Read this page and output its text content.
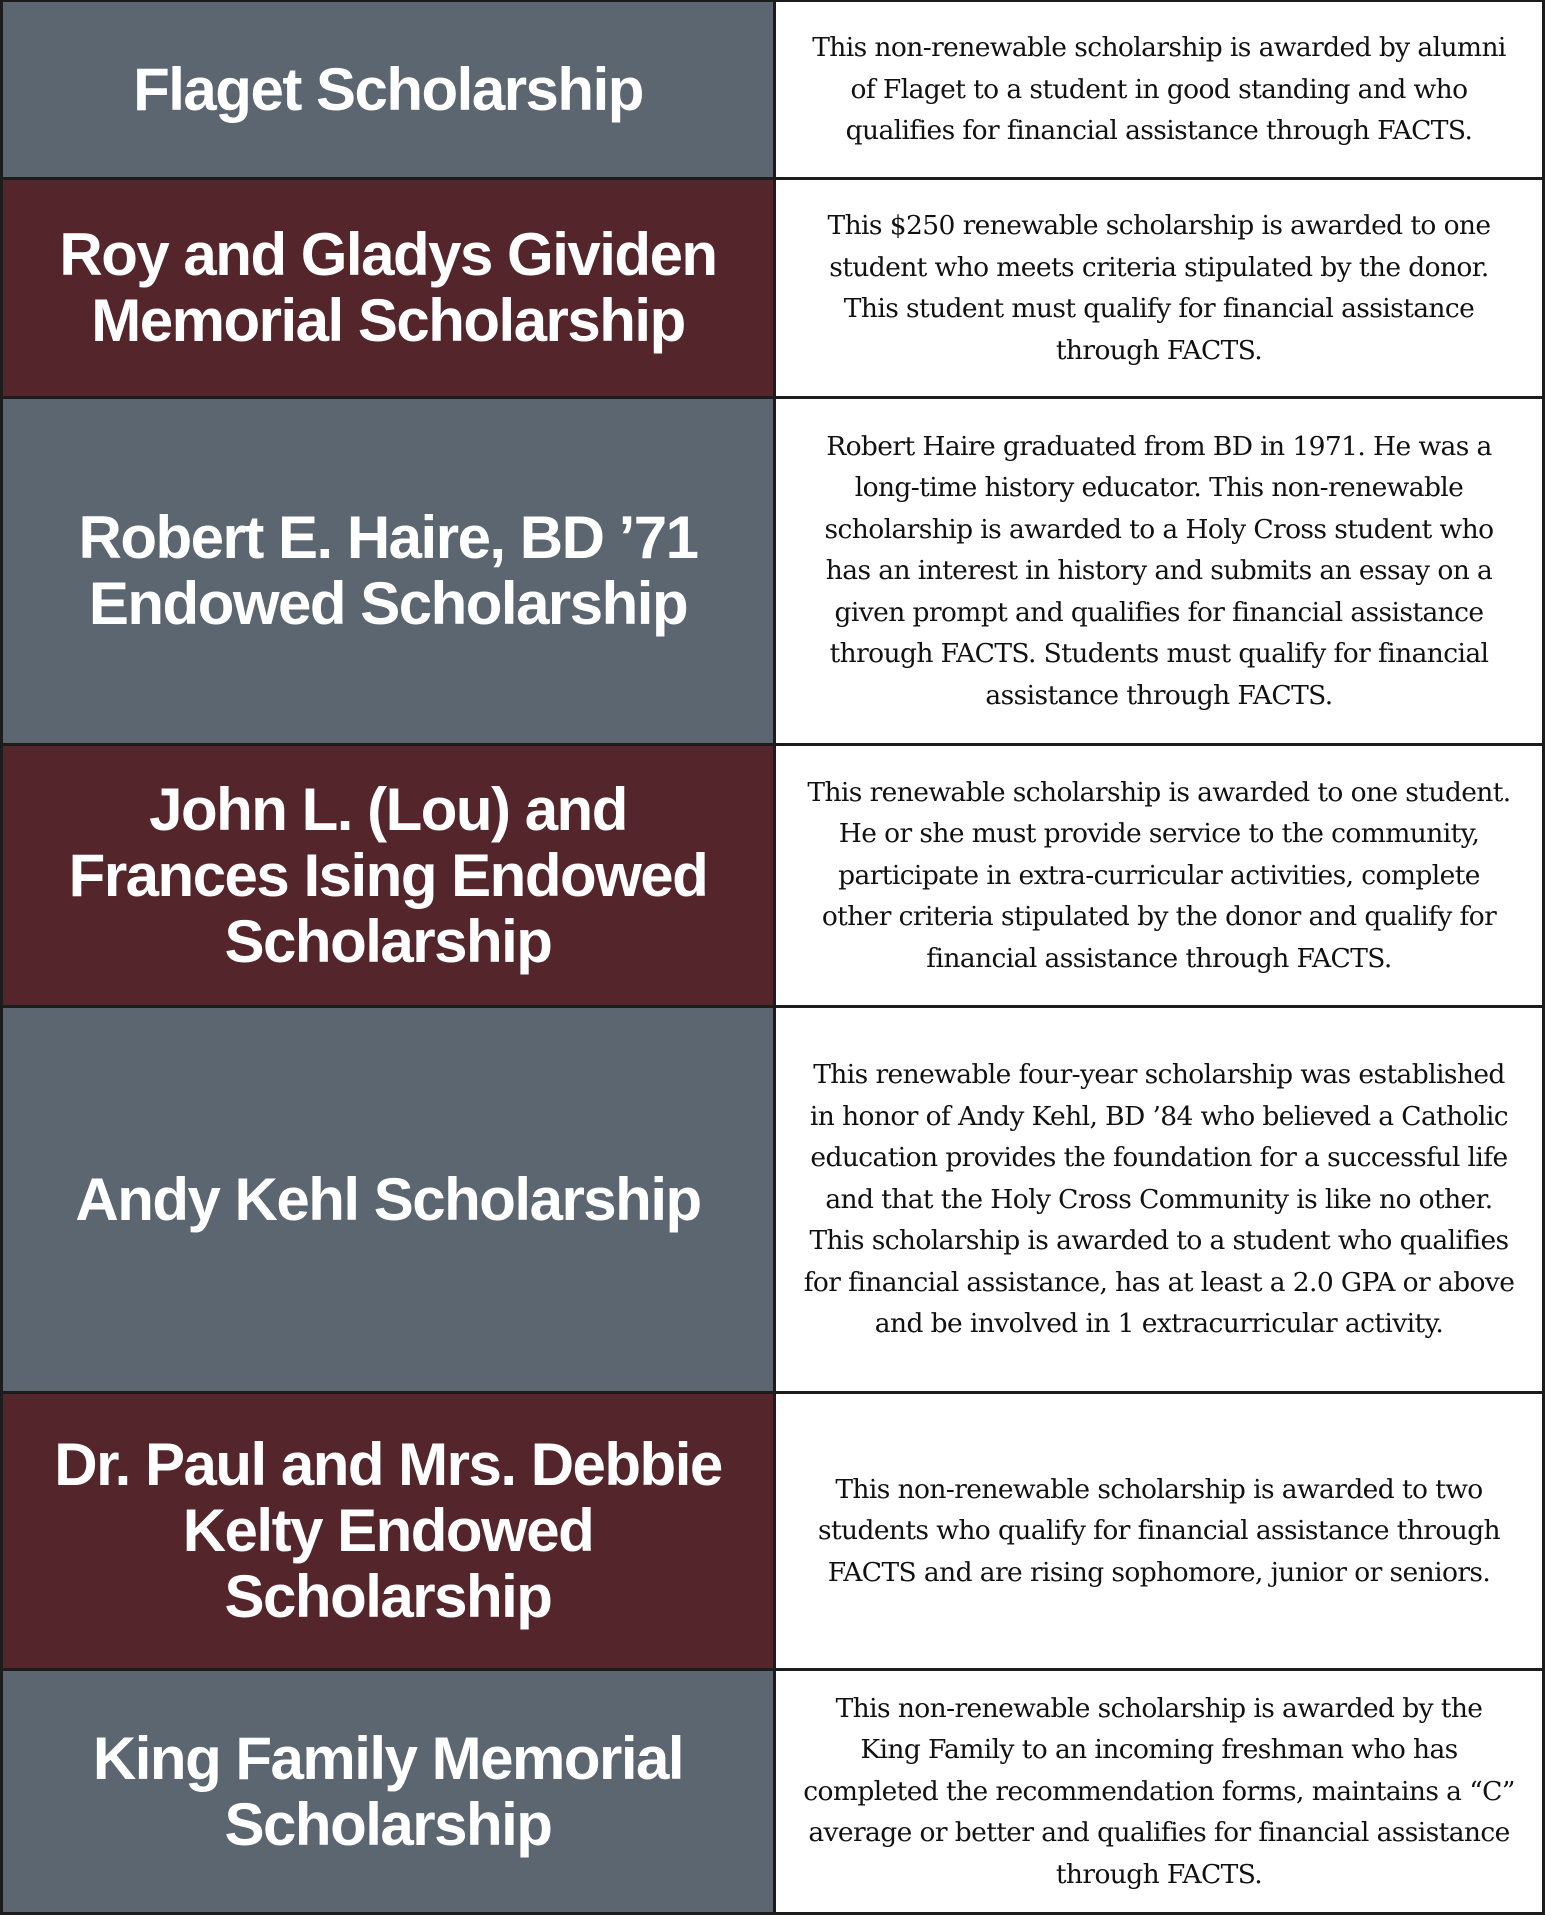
Flaget Scholarship
This non-renewable scholarship is awarded by alumni of Flaget to a student in good standing and who qualifies for financial assistance through FACTS.
Roy and Gladys Gividen Memorial Scholarship
This $250 renewable scholarship is awarded to one student who meets criteria stipulated by the donor. This student must qualify for financial assistance through FACTS.
Robert E. Haire, BD ’71 Endowed Scholarship
Robert Haire graduated from BD in 1971. He was a long-time history educator. This non-renewable scholarship is awarded to a Holy Cross student who has an interest in history and submits an essay on a given prompt and qualifies for financial assistance through FACTS. Students must qualify for financial assistance through FACTS.
John L. (Lou) and Frances Ising Endowed Scholarship
This renewable scholarship is awarded to one student. He or she must provide service to the community, participate in extra-curricular activities, complete other criteria stipulated by the donor and qualify for financial assistance through FACTS.
Andy Kehl Scholarship
This renewable four-year scholarship was established in honor of Andy Kehl, BD ’84 who believed a Catholic education provides the foundation for a successful life and that the Holy Cross Community is like no other. This scholarship is awarded to a student who qualifies for financial assistance, has at least a 2.0 GPA or above and be involved in 1 extracurricular activity.
Dr. Paul and Mrs. Debbie Kelty Endowed Scholarship
This non-renewable scholarship is awarded to two students who qualify for financial assistance through FACTS and are rising sophomore, junior or seniors.
King Family Memorial Scholarship
This non-renewable scholarship is awarded by the King Family to an incoming freshman who has completed the recommendation forms, maintains a “C” average or better and qualifies for financial assistance through FACTS.
